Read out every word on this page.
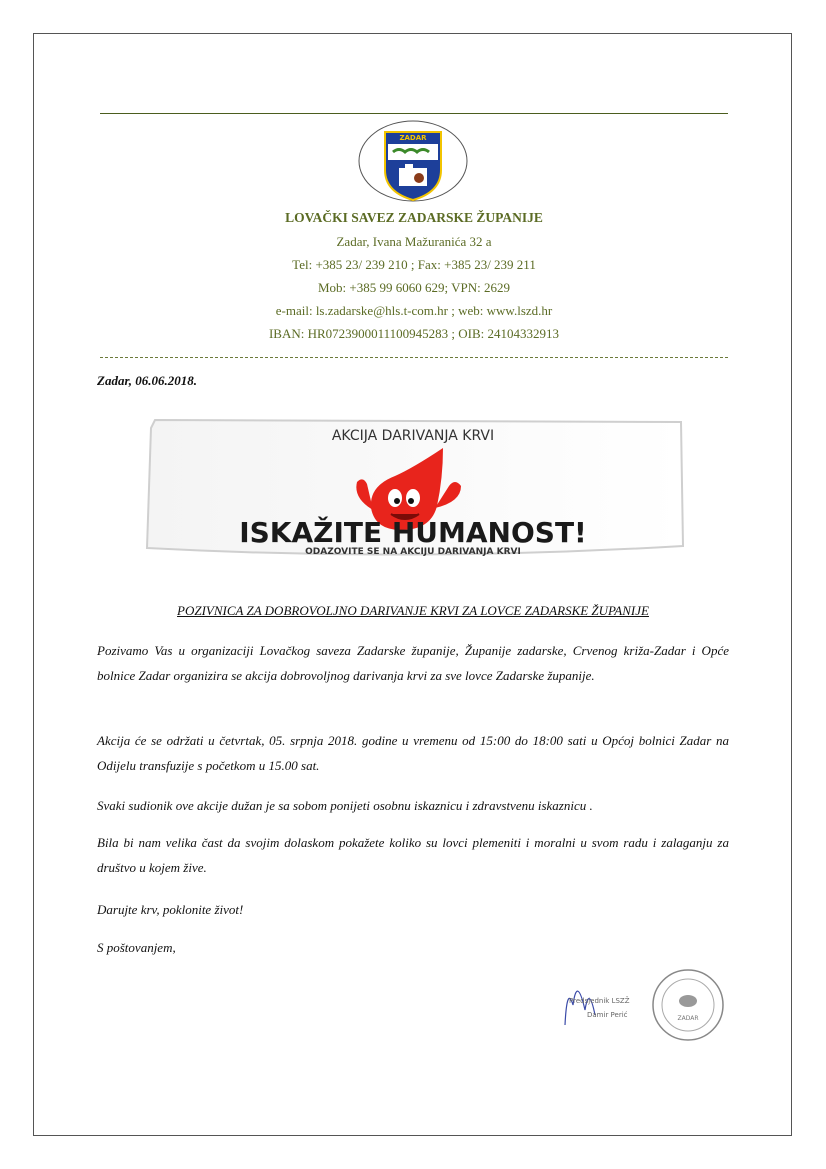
ZADAR
LOVAČKI SAVEZ ZADARSKE ŽUPANIJE
Zadar, Ivana Mažuranića 32 a
Tel: +385 23/ 239 210 ; Fax: +385 23/ 239 211
Mob: +385 99 6060 629; VPN: 2629
e-mail: ls.zadarske@hls.t-com.hr ; web: www.lszd.hr
IBAN: HR0723900011100945283 ; OIB: 24104332913
Zadar, 06.06.2018.
AKCIJA DARIVANJA KRVI
ISKAŽITE HUMANOST!
ODAZOVITE SE NA AKCIJU DARIVANJA KRVI
POZIVNICA ZA DOBROVOLJNO DARIVANJE KRVI ZA LOVCE ZADARSKE ŽUPANIJE
Pozivamo Vas u organizaciji Lovačkog saveza Zadarske županije, Županije zadarske, Crvenog križa-Zadar i Opće bolnice Zadar organizira se akcija dobrovoljnog darivanja krvi za sve lovce Zadarske županije.
Akcija će se održati u četvrtak, 05. srpnja 2018. godine u vremenu od 15:00 do 18:00 sati u Općoj bolnici Zadar na Odijelu transfuzije s početkom u 15.00 sat.
Svaki sudionik ove akcije dužan je sa sobom ponijeti osobnu iskaznicu i zdravstvenu iskaznicu .
Bila bi nam velika čast da svojim dolaskom pokažete koliko su lovci plemeniti i moralni u svom radu i zalaganju za društvo u kojem žive.
Darujte krv, poklonite život!
S poštovanjem,
Predsjednik LSZŽ
Damir Perić	ZADAR
